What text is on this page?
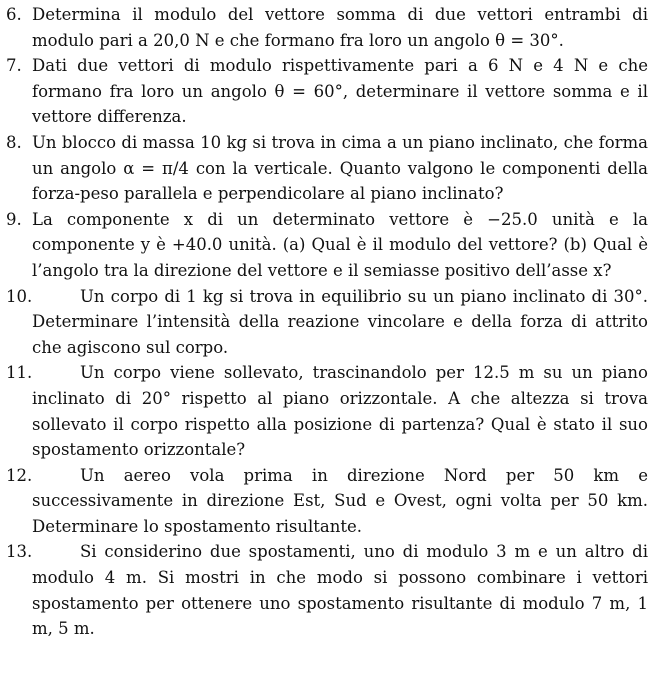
6. Determina il modulo del vettore somma di due vettori entrambi di modulo pari a 20,0 N e che formano fra loro un angolo θ = 30°.
7. Dati due vettori di modulo rispettivamente pari a 6 N e 4 N e che formano fra loro un angolo θ = 60°, determinare il vettore somma e il vettore differenza.
8. Un blocco di massa 10 kg si trova in cima a un piano inclinato, che forma un angolo α = π/4 con la verticale. Quanto valgono le componenti della forza-peso parallela e perpendicolare al piano inclinato?
9. La componente x di un determinato vettore è −25.0 unità e la componente y è +40.0 unità. (a) Qual è il modulo del vettore? (b) Qual è l’angolo tra la direzione del vettore e il semiasse positivo dell’asse x?
10.	Un corpo di 1 kg si trova in equilibrio su un piano inclinato di 30°. Determinare l’intensità della reazione vincolare e della forza di attrito che agiscono sul corpo.
11.	Un corpo viene sollevato, trascinandolo per 12.5 m su un piano inclinato di 20° rispetto al piano orizzontale. A che altezza si trova sollevato il corpo rispetto alla posizione di partenza? Qual è stato il suo spostamento orizzontale?
12.	Un aereo vola prima in direzione Nord per 50 km e successivamente in direzione Est, Sud e Ovest, ogni volta per 50 km. Determinare lo spostamento risultante.
13.	Si considerino due spostamenti, uno di modulo 3 m e un altro di modulo 4 m. Si mostri in che modo si possono combinare i vettori spostamento per ottenere uno spostamento risultante di modulo 7 m, 1 m, 5 m.
